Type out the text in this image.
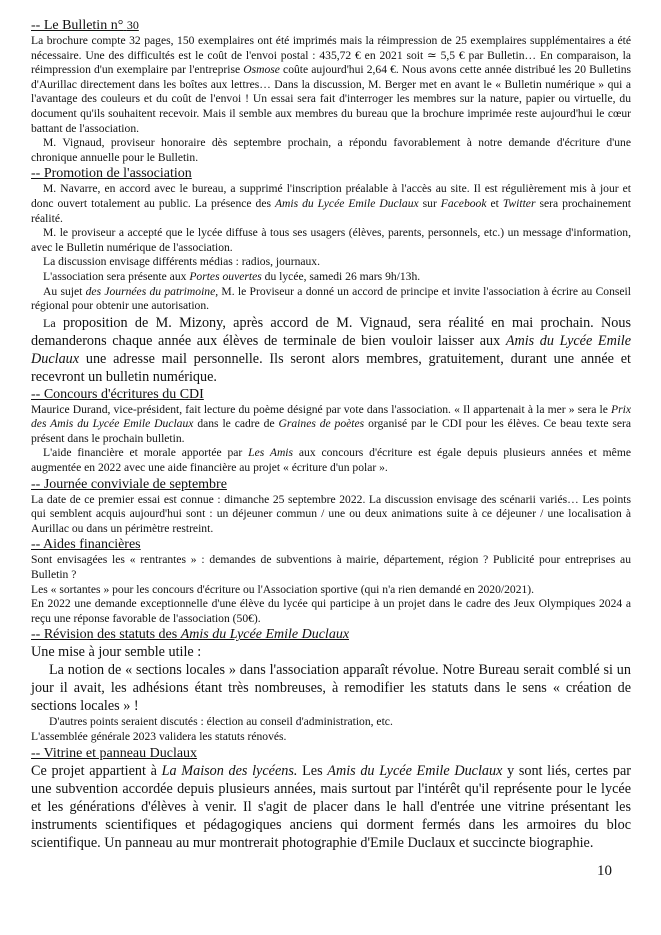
-- Le Bulletin n° 30

La brochure compte 32 pages, 150 exemplaires ont été imprimés mais la réimpression de 25 exemplaires supplémentaires a été nécessaire. Une des difficultés est le coût de l'envoi postal : 435,72 € en 2021 soit ≃ 5,5 € par Bulletin… En comparaison, la réimpression d'un exemplaire par l'entreprise Osmose coûte aujourd'hui 2,64 €. Nous avons cette année distribué les 20 Bulletins d'Aurillac directement dans les boîtes aux lettres… Dans la discussion, M. Berger met en avant le « Bulletin numérique » qui a l'avantage des couleurs et du coût de l'envoi ! Un essai sera fait d'interroger les membres sur la nature, papier ou virtuelle, du document qu'ils souhaitent recevoir. Mais il semble aux membres du bureau que la brochure imprimée reste aujourd'hui le cœur battant de l'association.

M. Vignaud, proviseur honoraire dès septembre prochain, a répondu favorablement à notre demande d'écriture d'une chronique annuelle pour le Bulletin.

-- Promotion de l'association

M. Navarre, en accord avec le bureau, a supprimé l'inscription préalable à l'accès au site. Il est régulièrement mis à jour et donc ouvert totalement au public. La présence des Amis du Lycée Emile Duclaux sur Facebook et Twitter sera prochainement réalité.

M. le proviseur a accepté que le lycée diffuse à tous ses usagers (élèves, parents, personnels, etc.) un message d'information, avec le Bulletin numérique de l'association.

La discussion envisage différents médias : radios, journaux.

L'association sera présente aux Portes ouvertes du lycée, samedi 26 mars 9h/13h.

Au sujet des Journées du patrimoine, M. le Proviseur a donné un accord de principe et invite l'association à écrire au Conseil régional pour obtenir une autorisation.

La proposition de M. Mizony, après accord de M. Vignaud, sera réalité en mai prochain. Nous demanderons chaque année aux élèves de terminale de bien vouloir laisser aux Amis du Lycée Emile Duclaux une adresse mail personnelle. Ils seront alors membres, gratuitement, durant une année et recevront un bulletin numérique.

-- Concours d'écritures du CDI

Maurice Durand, vice-président, fait lecture du poème désigné par vote dans l'association. « Il appartenait à la mer » sera le Prix des Amis du Lycée Emile Duclaux dans le cadre de Graines de poètes organisé par le CDI pour les élèves. Ce beau texte sera présent dans le prochain bulletin.

L'aide financière et morale apportée par Les Amis aux concours d'écriture est égale depuis plusieurs années et même augmentée en 2022 avec une aide financière au projet « écriture d'un polar ».

-- Journée conviviale de septembre

La date de ce premier essai est connue : dimanche 25 septembre 2022. La discussion envisage des scénarii variés… Les points qui semblent acquis aujourd'hui sont : un déjeuner commun / une ou deux animations suite à ce déjeuner / une localisation à Aurillac ou dans un périmètre restreint.

-- Aides financières

Sont envisagées les « rentrantes » : demandes de subventions à mairie, département, région ? Publicité pour entreprises au Bulletin ?

Les « sortantes » pour les concours d'écriture ou l'Association sportive (qui n'a rien demandé en 2020/2021).

En 2022 une demande exceptionnelle d'une élève du lycée qui participe à un projet dans le cadre des Jeux Olympiques 2024 a reçu une réponse favorable de l'association (50€).

-- Révision des statuts des Amis du Lycée Emile Duclaux

Une mise à jour semble utile :

La notion de « sections locales » dans l'association apparaît révolue. Notre Bureau serait comblé si un jour il avait, les adhésions étant très nombreuses, à remodifier les statuts dans le sens « création de sections locales » !

D'autres points seraient discutés : élection au conseil d'administration, etc.

L'assemblée générale 2023 validera les statuts rénovés.

-- Vitrine et panneau Duclaux

Ce projet appartient à La Maison des lycéens. Les Amis du Lycée Emile Duclaux y sont liés, certes par une subvention accordée depuis plusieurs années, mais surtout par l'intérêt qu'il représente pour le lycée et les générations d'élèves à venir. Il s'agit de placer dans le hall d'entrée une vitrine présentant les instruments scientifiques et pédagogiques anciens qui dorment fermés dans les armoires du bloc scientifique. Un panneau au mur montrerait photographie d'Emile Duclaux et succincte biographie.

10
